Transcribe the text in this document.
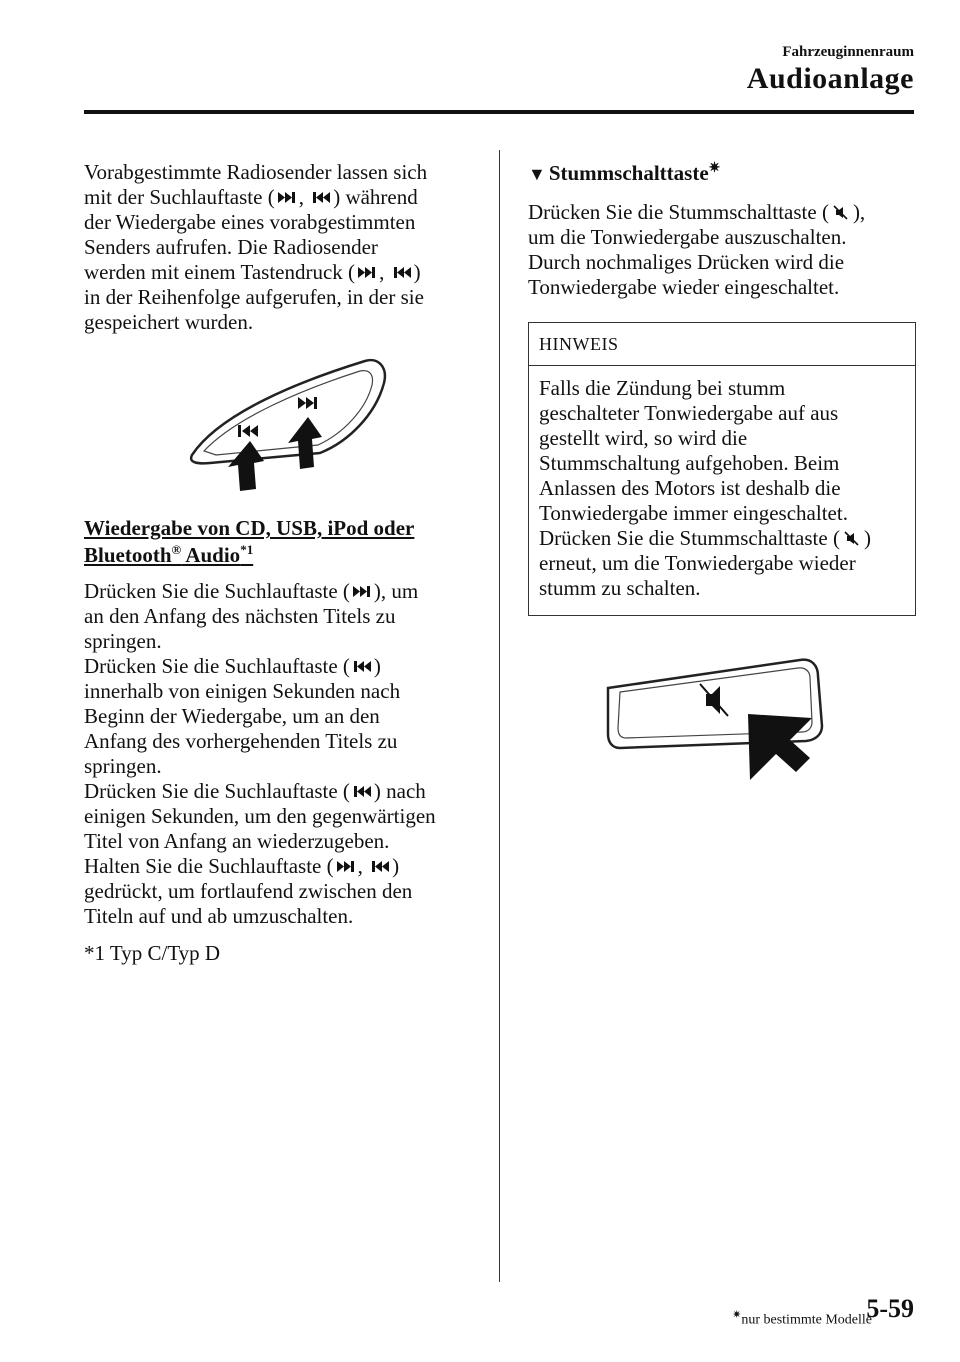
Fahrzeuginnenraum
Audioanlage

Vorabgestimmte Radiosender lassen sich
mit der Suchlauftaste ( ,
) während
der Wiedergabe eines vorabgestimmten
Senders aufrufen. Die Radiosender
werden mit einem Tastendruck ( ,
)
in der Reihenfolge aufgerufen, in der sie
gespeichert wurden.

Wiedergabe von CD, USB, iPod oder
Bluetooth® Audio$^{*1}$

Drücken Sie die Suchlauftaste ( ), um
an den Anfang des nächsten Titels zu
springen.
Drücken Sie die Suchlauftaste ( )
innerhalb von einigen Sekunden nach
Beginn der Wiedergabe, um an den
Anfang des vorhergehenden Titels zu
springen.
Drücken Sie die Suchlauftaste ( ) nach
einigen Sekunden, um den gegenwärtigen
Titel von Anfang an wiederzugeben.
Halten Sie die Suchlauftaste ( ,
)
gedrückt, um fortlaufend zwischen den
Titeln auf und ab umzuschalten.

*1 Typ C/Typ D
▼ Stummschalttaste✷

Drücken Sie die Stummschalttaste ( ),
um die Tonwiedergabe auszuschalten.
Durch nochmaliges Drücken wird die
Tonwiedergabe wieder eingeschaltet.

HINWEIS
Falls die Zündung bei stumm
geschalteter Tonwiedergabe auf aus
gestellt wird, so wird die
Stummschaltung aufgehoben. Beim
Anlassen des Motors ist deshalb die
Tonwiedergabe immer eingeschaltet.
Drücken Sie die Stummschalttaste ( )
erneut, um die Tonwiedergabe wieder
stumm zu schalten.
✷nur bestimmte Modelle
5-59
